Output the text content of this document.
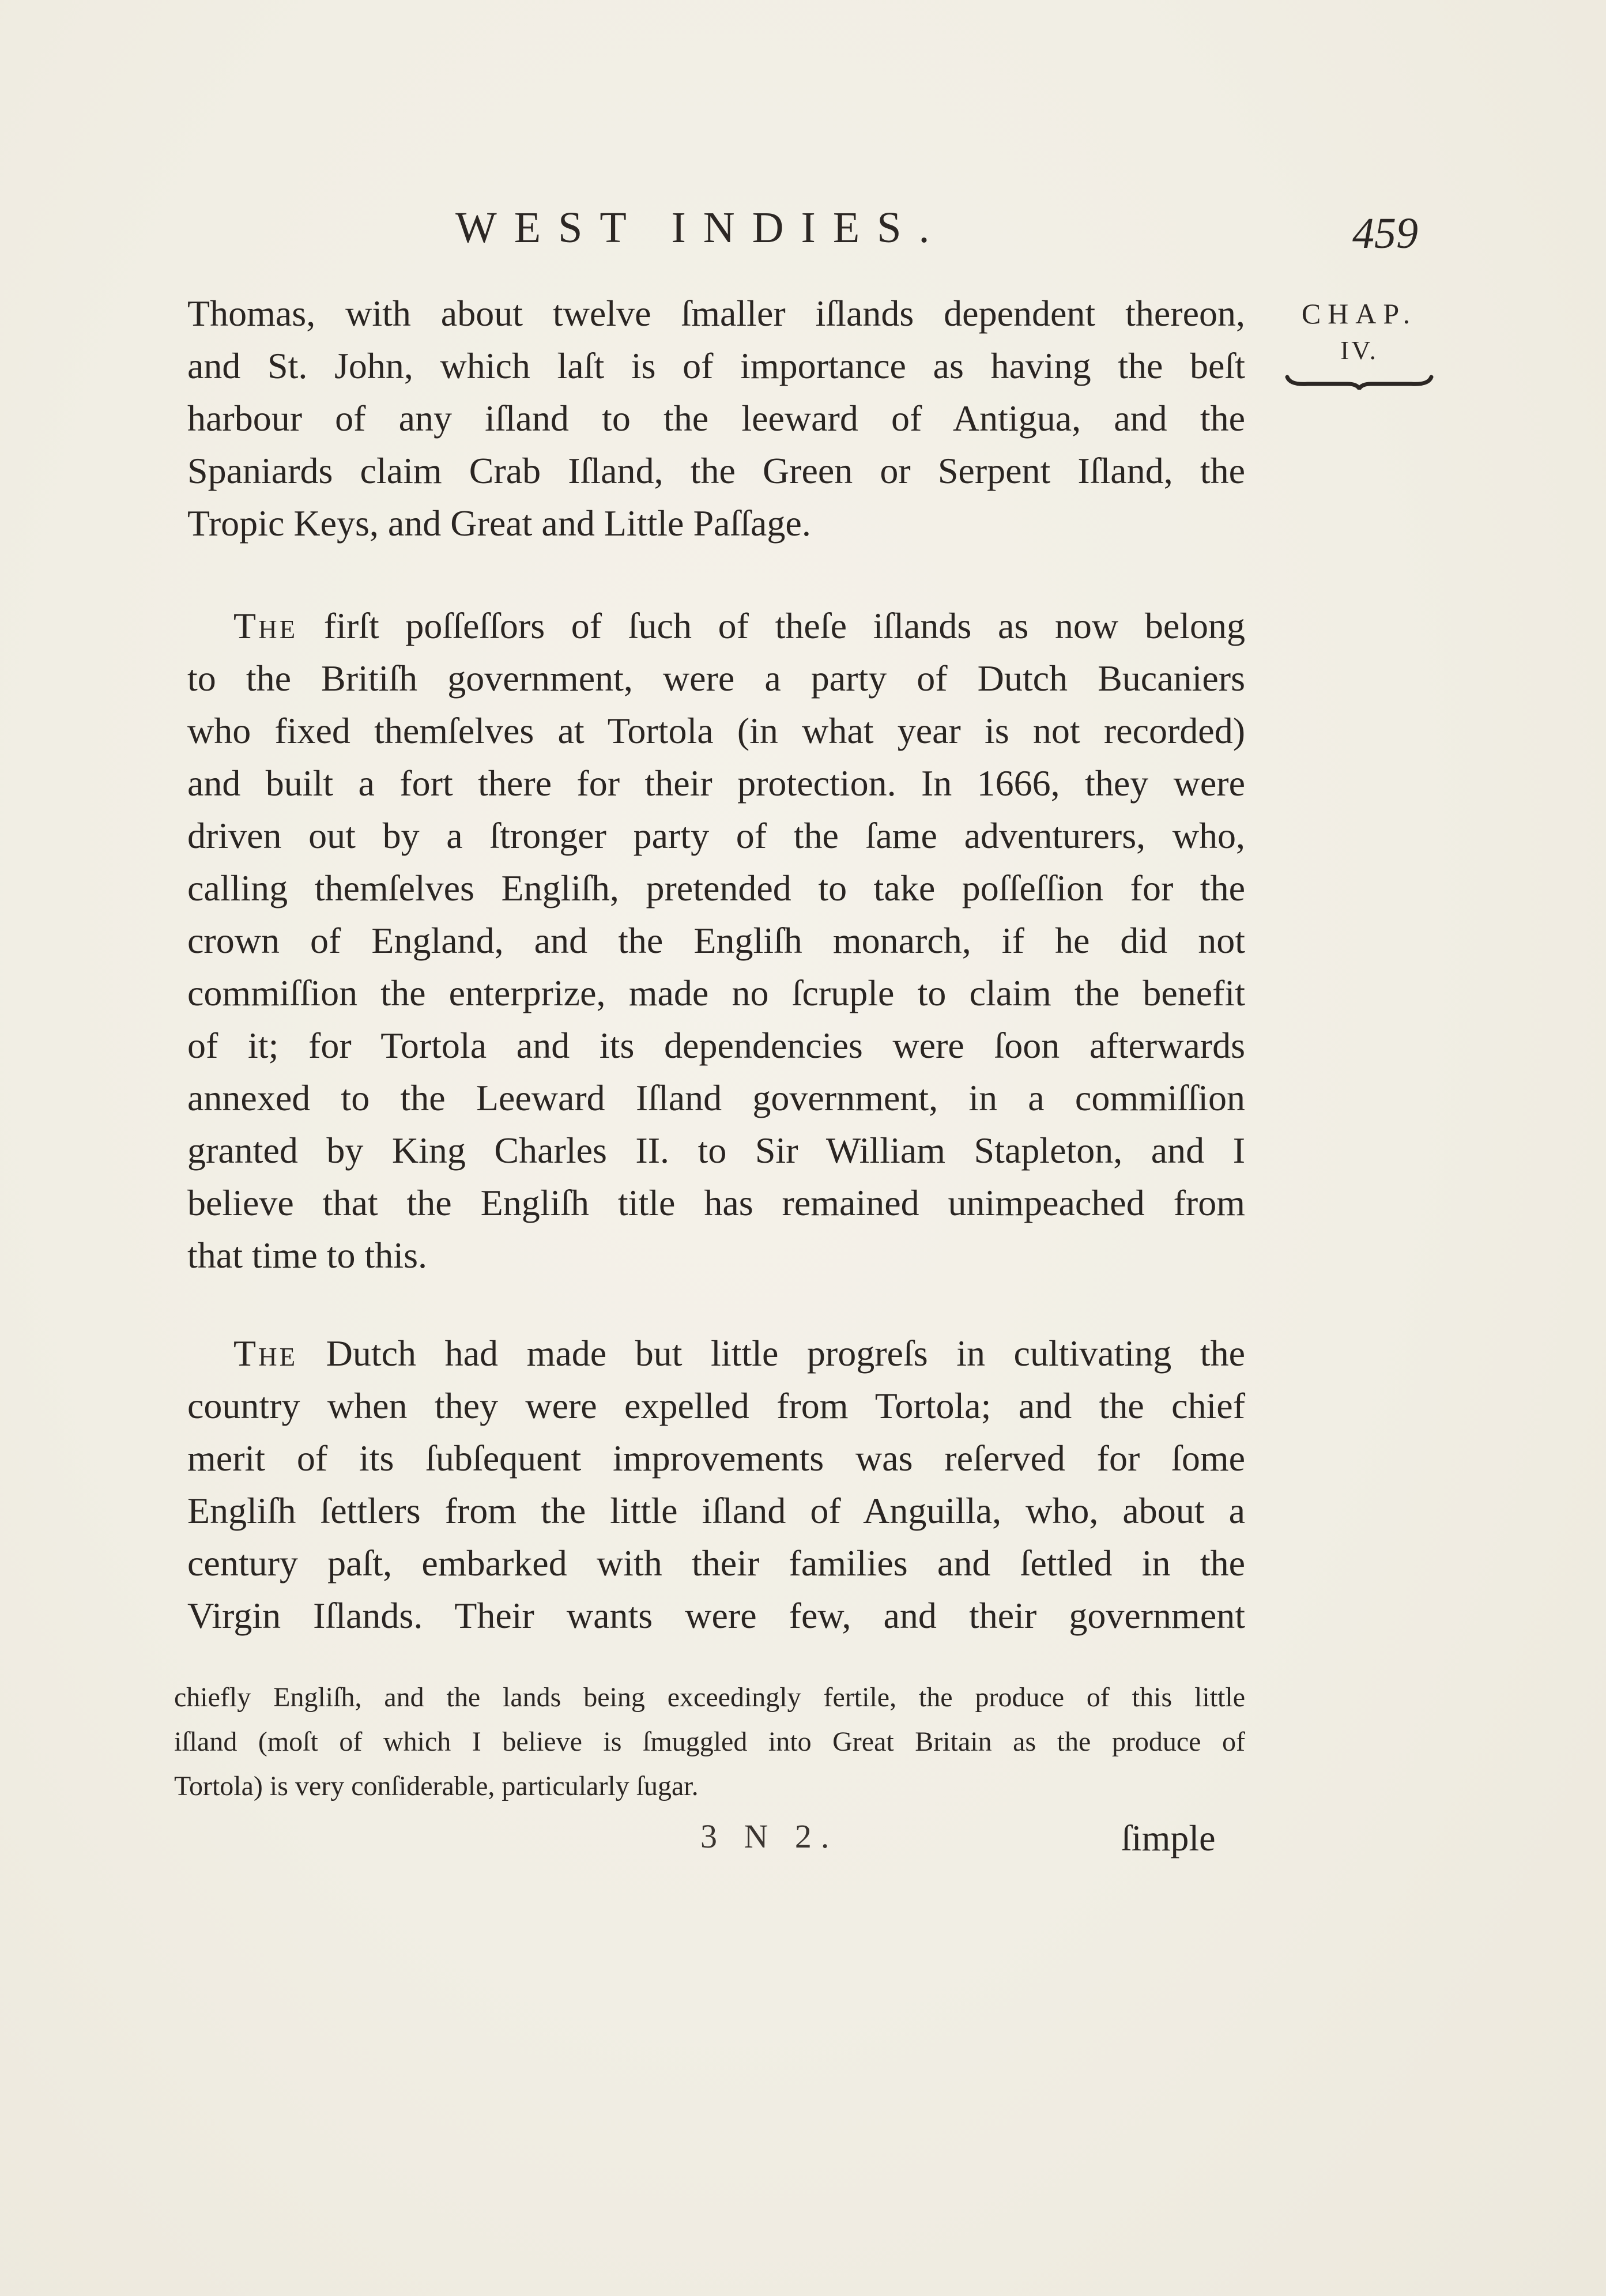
WEST INDIES.	459
CHAP.
IV.
Thomas, with about twelve ſmaller iſlands dependent thereon,
and St. John, which laſt is of importance as having the beſt
harbour of any iſland to the leeward of Antigua, and the
Spaniards claim Crab Iſland, the Green or Serpent Iſland, the
Tropic Keys, and Great and Little Paſſage.
The firſt poſſeſſors of ſuch of theſe iſlands as now belong
to the Britiſh government, were a party of Dutch Bucaniers
who fixed themſelves at Tortola (in what year is not recorded)
and built a fort there for their protection. In 1666, they were
driven out by a ſtronger party of the ſame adventurers, who,
calling themſelves Engliſh, pretended to take poſſeſſion for the
crown of England, and the Engliſh monarch, if he did not
commiſſion the enterprize, made no ſcruple to claim the benefit
of it; for Tortola and its dependencies were ſoon afterwards
annexed to the Leeward Iſland government, in a commiſſion
granted by King Charles II. to Sir William Stapleton, and I
believe that the Engliſh title has remained unimpeached from
that time to this.
The Dutch had made but little progreſs in cultivating the
country when they were expelled from Tortola; and the chief
merit of its ſubſequent improvements was reſerved for ſome
Engliſh ſettlers from the little iſland of Anguilla, who, about a
century paſt, embarked with their families and ſettled in the
Virgin Iſlands. Their wants were few, and their government
chiefly Engliſh, and the lands being exceedingly fertile, the produce of this little
iſland (moſt of which I believe is ſmuggled into Great Britain as the produce of
Tortola) is very conſiderable, particularly ſugar.
3 N 2.	ſimple
